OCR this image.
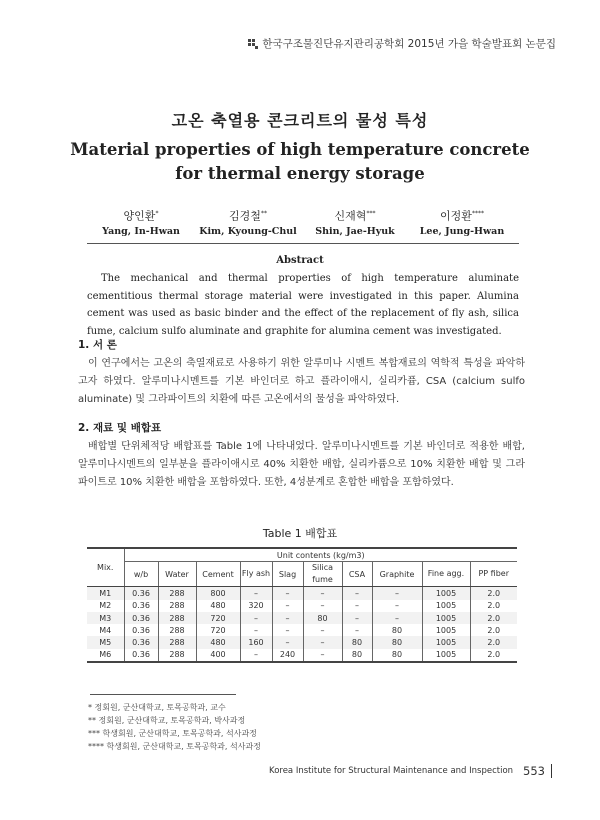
한국구조물진단유지관리공학회 2015년 가을 학술발표회 논문집
고온 축열용 콘크리트의 물성 특성
Material properties of high temperature concrete
for thermal energy storage
양인환*
Yang, In-Hwan
김경철**
Kim, Kyoung-Chul
신재혁***
Shin, Jae-Hyuk
이정환****
Lee, Jung-Hwan
Abstract
The mechanical and thermal properties of high temperature aluminate cementitious thermal storage material were investigated in this paper. Alumina cement was used as basic binder and the effect of the replacement of fly ash, silica fume, calcium sulfo aluminate and graphite for alumina cement was investigated.
1. 서 론
이 연구에서는 고온의 축열재료로 사용하기 위한 알루미나 시멘트 복합재료의 역학적 특성을 파악하고자 하였다. 알루미나시멘트를 기본 바인더로 하고 플라이애시, 실리카퓸, CSA (calcium sulfo aluminate) 및 그라파이트의 치환에 따른 고온에서의 물성을 파악하였다.
2. 재료 및 배합표
배합별 단위체적당 배합표를 Table 1에 나타내었다. 알루미나시멘트를 기본 바인더로 적용한 배합, 알루미나시멘트의 일부분을 플라이애시로 40% 치환한 배합, 실리카퓸으로 10% 치환한 배합 및 그라파이트로 10% 치환한 배합을 포함하였다. 또한, 4성분계로 혼합한 배합을 포함하였다.
Table 1 배합표
Mix.	Unit contents (kg/m3)									
	w/b	Water	Cement	Fly ash	Slag	Silica fume	CSA	Graphite	Fine agg.	PP fiber

M1	0.36	288	800	–	–	–	–	–	1005	2.0
M2	0.36	288	480	320	–	–	–	–	1005	2.0
M3	0.36	288	720	–	–	80	–	–	1005	2.0
M4	0.36	288	720	–	–	–	–	80	1005	2.0
M5	0.36	288	480	160	–	–	80	80	1005	2.0
M6	0.36	288	400	–	240	–	80	80	1005	2.0
* 정회원, 군산대학교, 토목공학과, 교수
** 정회원, 군산대학교, 토목공학과, 박사과정
*** 학생회원, 군산대학교, 토목공학과, 석사과정
**** 학생회원, 군산대학교, 토목공학과, 석사과정
Korea Institute for Structural Maintenance and Inspection 553
